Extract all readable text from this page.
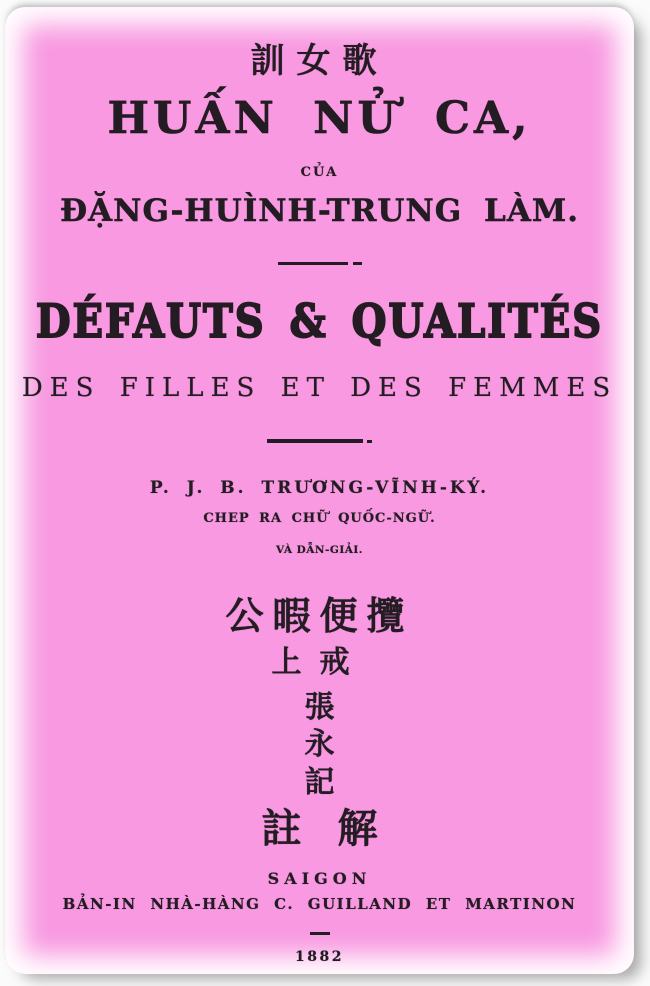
訓女歌
HUẤN NỬ CA,
CỦA
ĐẶNG-HUÌNH-TRUNG LÀM.
DÉFAUTS & QUALITÉS
DES FILLES ET DES FEMMES
P. J. B. TRƯƠNG-VĨNH-KÝ.
CHEP RA CHỮ QUỐC-NGỮ.
VÀ DẪN-GIẢI.
公暇便攬
上戒
張
永
記
註 解
SAIGON
BẢN-IN NHÀ-HÀNG C. GUILLAND ET MARTINON
1882
